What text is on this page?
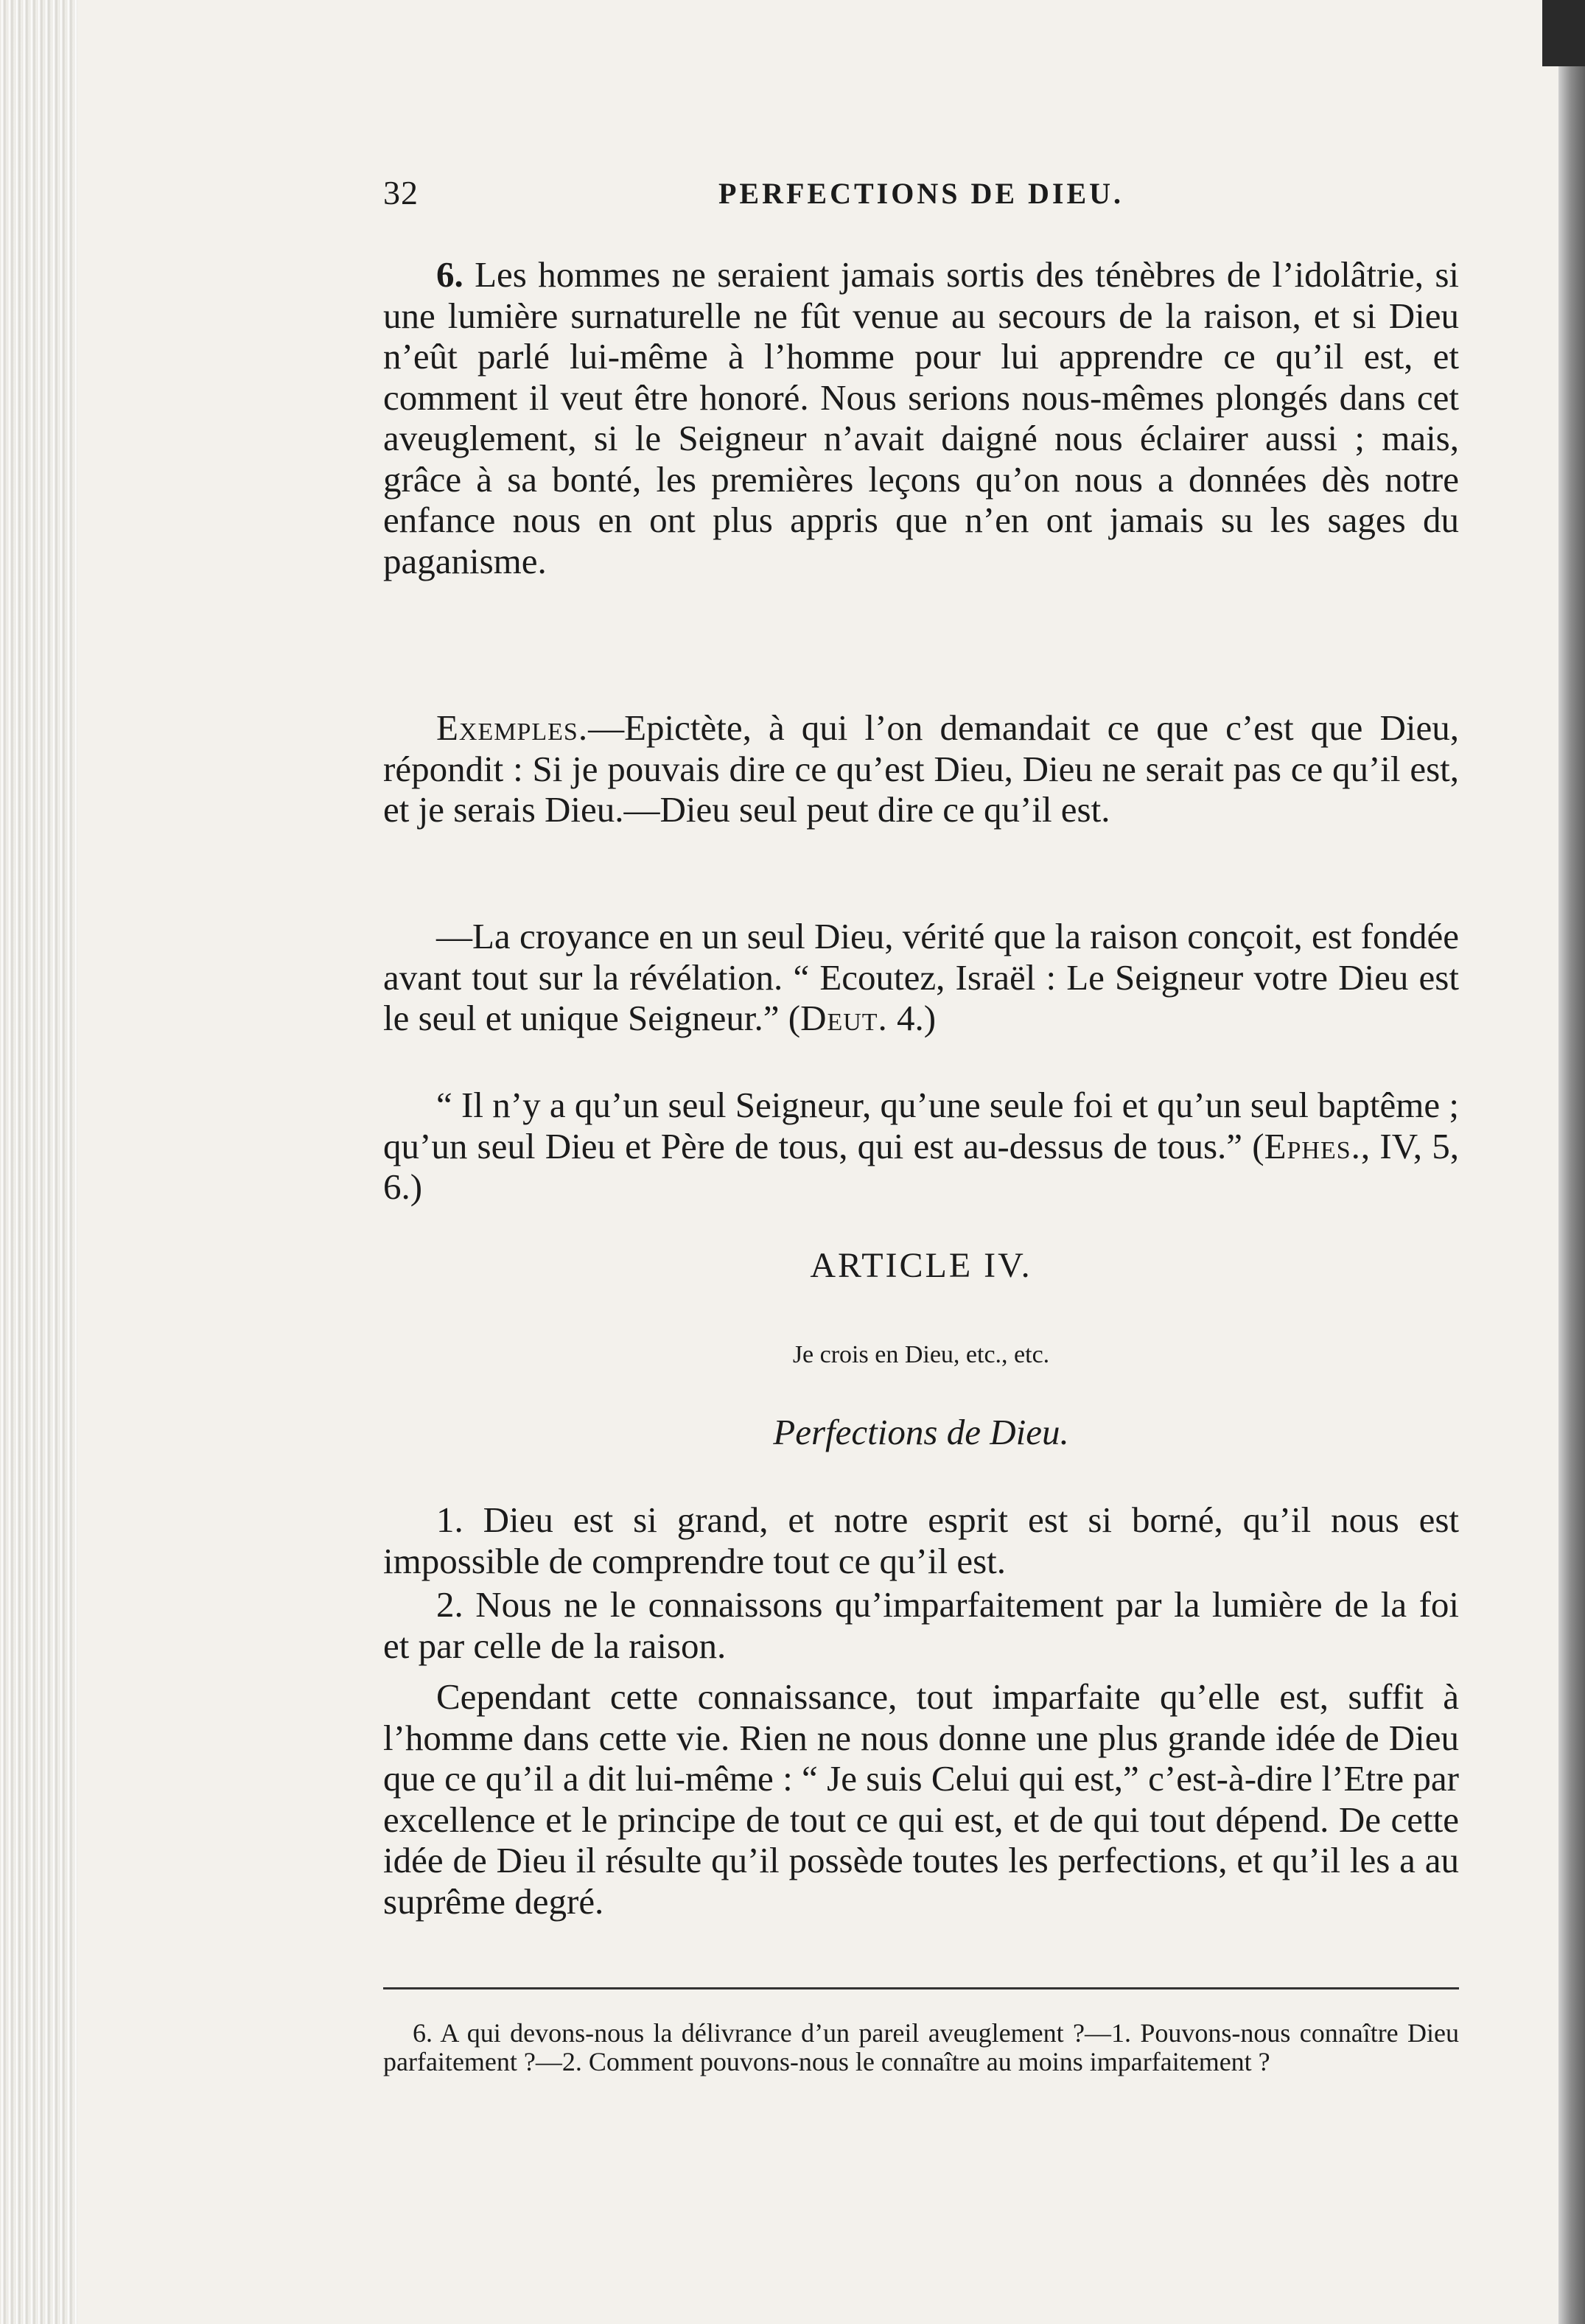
32	PERFECTIONS DE DIEU.

6. Les hommes ne seraient jamais sortis des ténèbres de l’idolâtrie, si une lumière surnaturelle ne fût venue au secours de la raison, et si Dieu n’eût parlé lui-même à l’homme pour lui apprendre ce qu’il est, et comment il veut être honoré. Nous serions nous-mêmes plongés dans cet aveuglement, si le Seigneur n’avait daigné nous éclairer aussi ; mais, grâce à sa bonté, les premières leçons qu’on nous a données dès notre enfance nous en ont plus appris que n’en ont jamais su les sages du paganisme.

Exemples.—Epictète, à qui l’on demandait ce que c’est que Dieu, répondit : Si je pouvais dire ce qu’est Dieu, Dieu ne serait pas ce qu’il est, et je serais Dieu.—Dieu seul peut dire ce qu’il est.

—La croyance en un seul Dieu, vérité que la raison conçoit, est fondée avant tout sur la révélation. “ Ecoutez, Israël : Le Seigneur votre Dieu est le seul et unique Seigneur.” (Deut. 4.)

“ Il n’y a qu’un seul Seigneur, qu’une seule foi et qu’un seul baptême ; qu’un seul Dieu et Père de tous, qui est au-dessus de tous.” (Ephes., IV, 5, 6.)

ARTICLE IV.
Je crois en Dieu, etc., etc.
Perfections de Dieu.

1. Dieu est si grand, et notre esprit est si borné, qu’il nous est impossible de comprendre tout ce qu’il est.

2. Nous ne le connaissons qu’imparfaitement par la lumière de la foi et par celle de la raison.

Cependant cette connaissance, tout imparfaite qu’elle est, suffit à l’homme dans cette vie. Rien ne nous donne une plus grande idée de Dieu que ce qu’il a dit lui-même : “ Je suis Celui qui est,” c’est-à-dire l’Etre par excellence et le principe de tout ce qui est, et de qui tout dépend. De cette idée de Dieu il résulte qu’il possède toutes les perfections, et qu’il les a au suprême degré.

6. A qui devons-nous la délivrance d’un pareil aveuglement ?—1. Pouvons-nous connaître Dieu parfaitement ?—2. Comment pouvons-nous le connaître au moins imparfaitement ?
